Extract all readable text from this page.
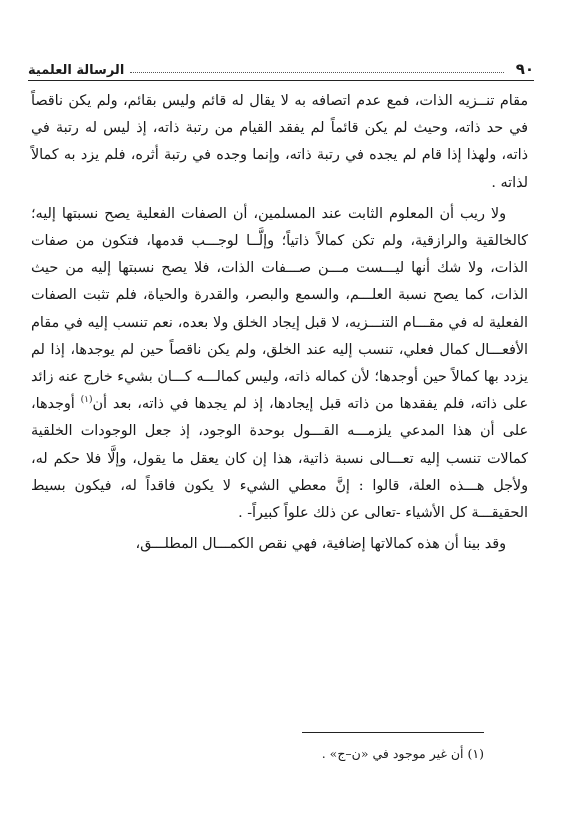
٩٠
الرسالة العلمية

مقام تنــزيه الذات، فمع عدم اتصافه به لا يقال له قائم وليس بقائم، ولم يكن ناقصاً في حد ذاته، وحيث لم يكن قائماً لم يفقد القيام من رتبة ذاته، إذ ليس له رتبة في ذاته، ولهذا إذا قام لم يجده في رتبة ذاته، وإنما وجده في رتبة أثره، فلم يزد به كمالاً لذاته .

ولا ريب أن المعلوم الثابت عند المسلمين، أن الصفات الفعلية يصح نسبتها إليه؛ كالخالقية والرازقية، ولم تكن كمالاً ذاتياً؛ وإلَّــا لوجـــب قدمها، فتكون من صفات الذات، ولا شك أنها ليـــست مـــن صـــفات الذات، فلا يصح نسبتها إليه من حيث الذات، كما يصح نسبة العلـــم، والسمع والبصر، والقدرة والحياة، فلم تثبت الصفات الفعلية له في مقـــام التنـــزيه، لا قبل إيجاد الخلق ولا بعده، نعم تنسب إليه في مقام الأفعـــال كمال فعلي، تنسب إليه عند الخلق، ولم يكن ناقصاً حين لم يوجدها، إذا لم يزدد بها كمالاً حين أوجدها؛ لأن كماله ذاته، وليس كمالـــه كـــان بشيء خارج عنه زائد على ذاته، فلم يفقدها من ذاته قبل إيجادها، إذ لم يجدها في ذاته، بعد أن$^{(١)}$ أوجدها، على أن هذا المدعي يلزمـــه القـــول بوحدة الوجود، إذ جعل الوجودات الخلقية كمالات تنسب إليه تعـــالى نسبة ذاتية، هذا إن كان يعقل ما يقول، وإلَّا فلا حكم له، ولأجل هـــذه العلة، قالوا : إنَّ معطي الشيء لا يكون فاقداً له، فيكون بسيط الحقيقـــة كل الأشياء -تعالى عن ذلك علواً كبيراً- .

وقد بينا أن هذه كمالاتها إضافية، فهي نقص الكمـــال المطلـــق،

(١) أن غير موجود في «ن–ج» .
